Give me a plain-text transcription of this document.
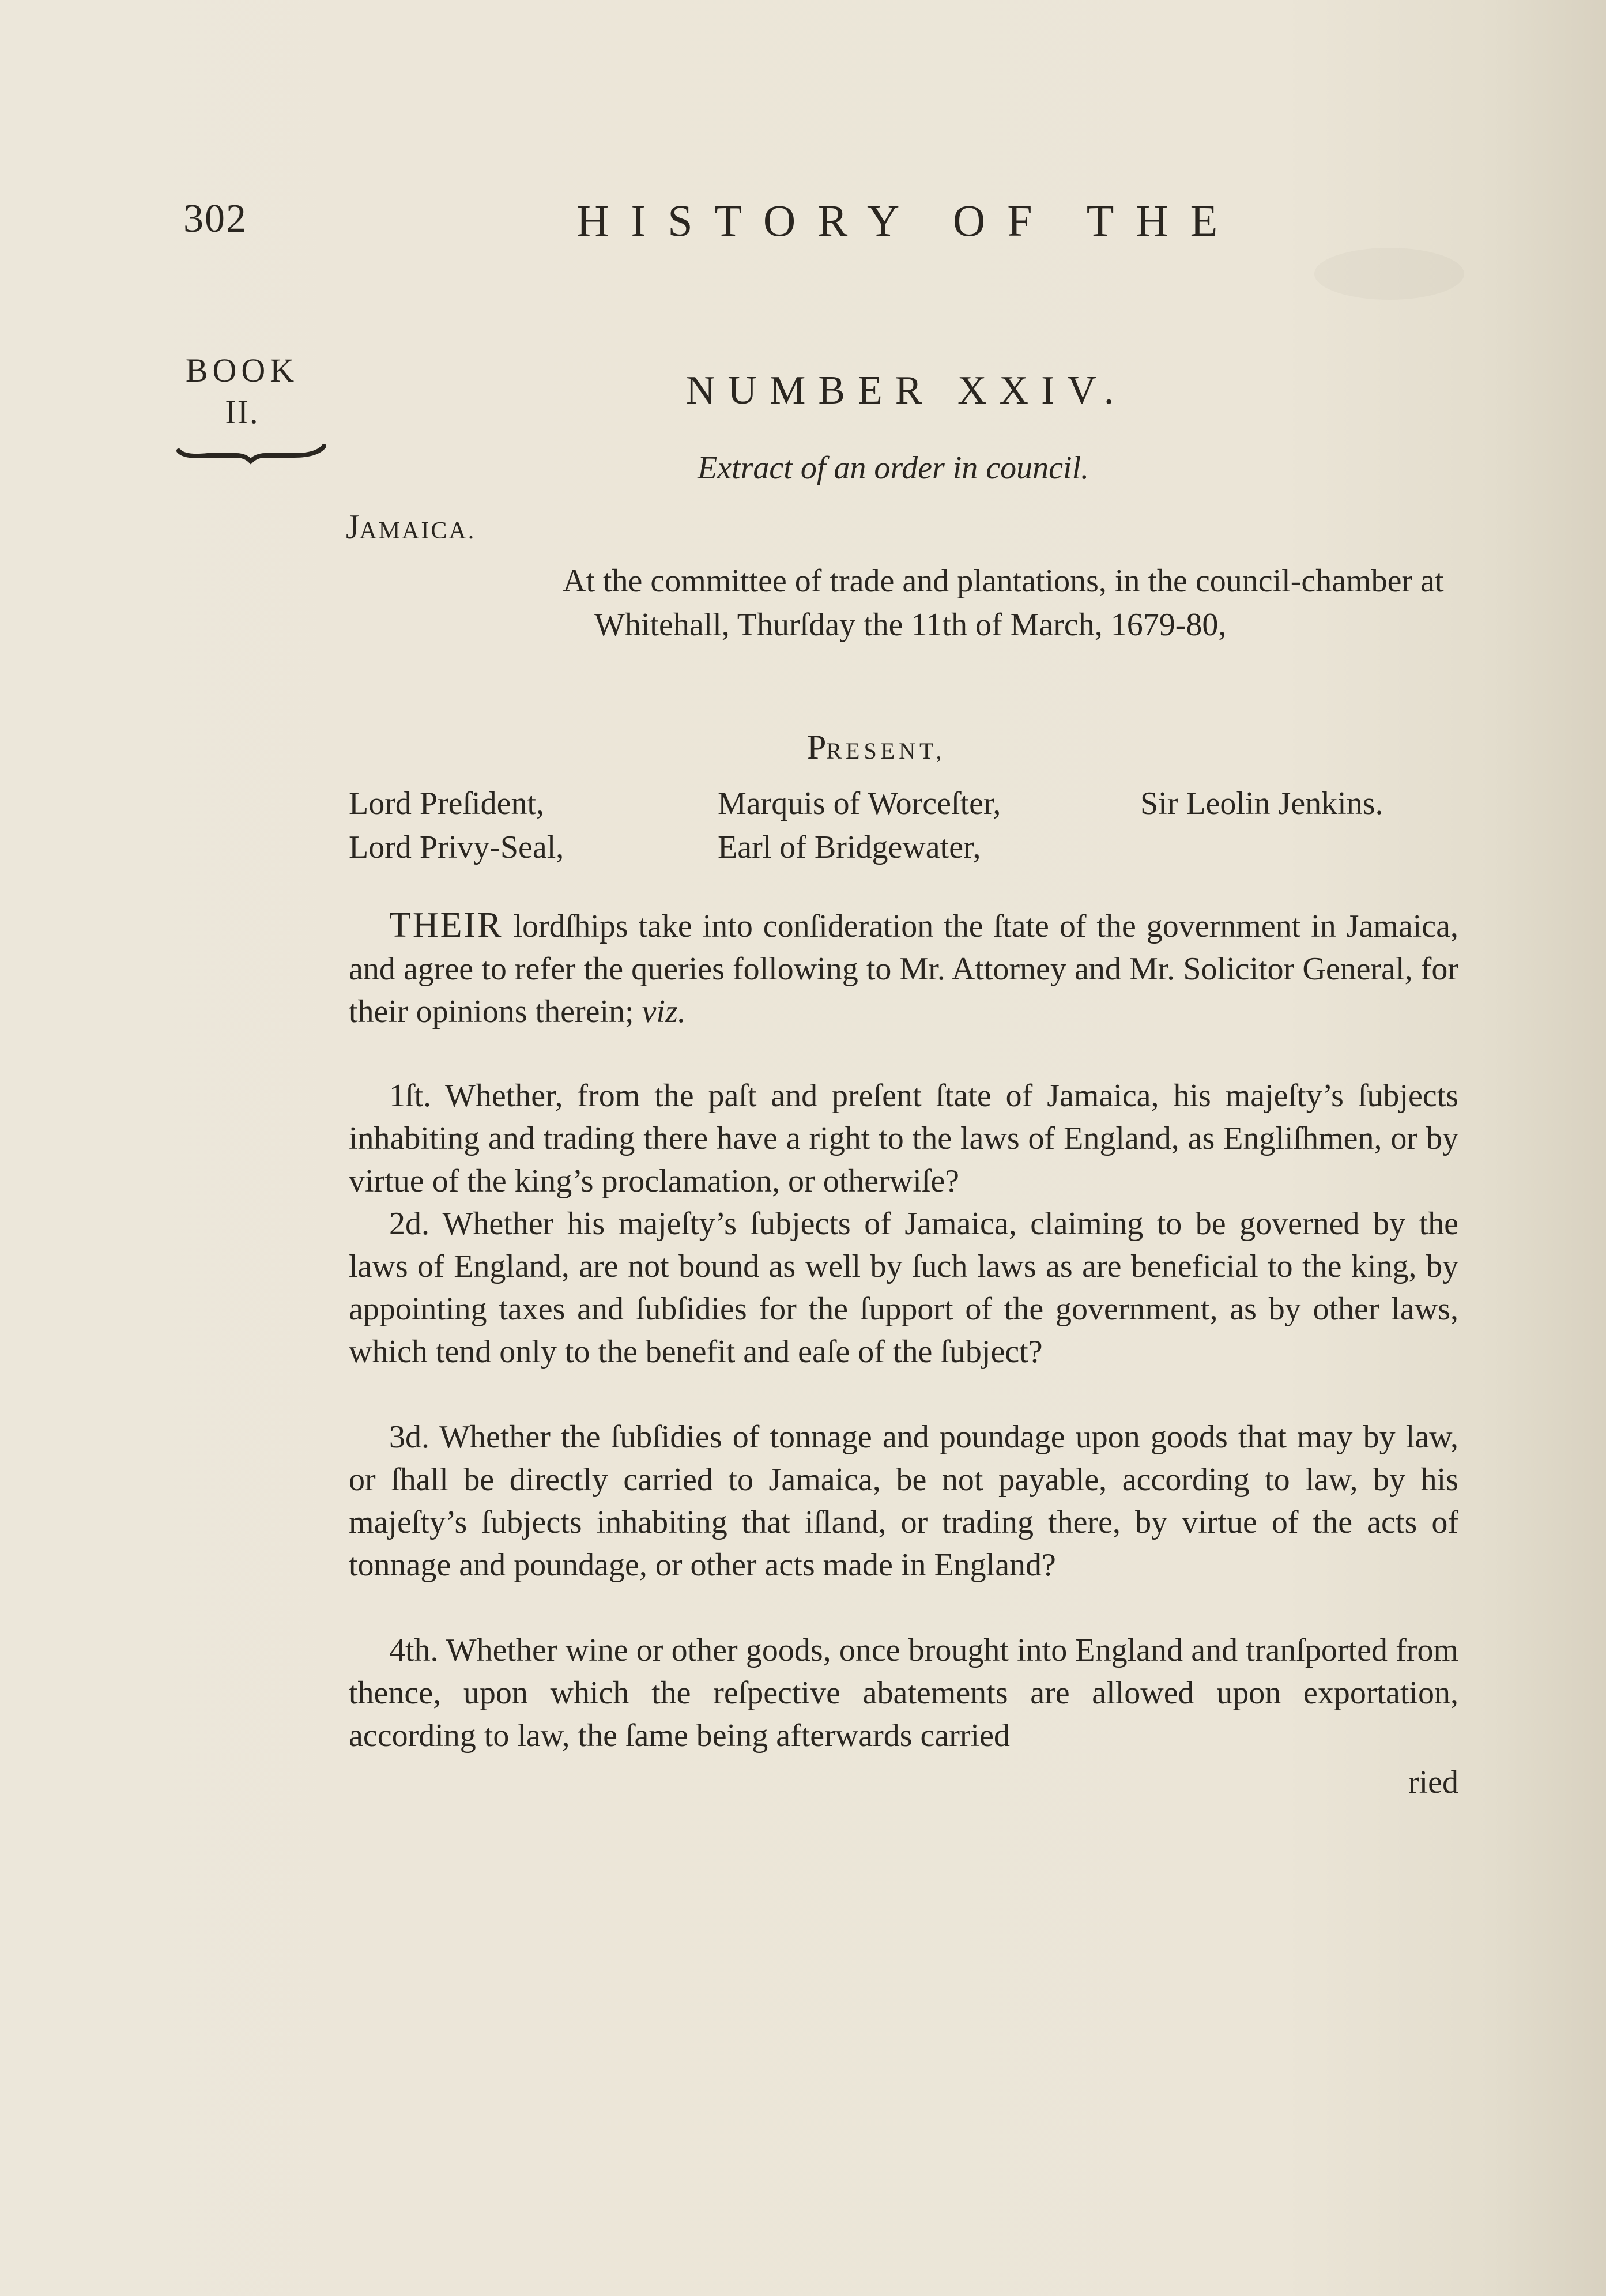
302	HISTORY OF THE
BOOK
II.	NUMBER XXIV.
Extract of an order in council.
JAMAICA.
At the committee of trade and plantations, in the council-chamber at Whitehall, Thurſday the 11th of March, 1679-80,
PRESENT,
Lord Preſident,
Lord Privy-Seal,
Marquis of Worceſter,
Earl of Bridgewater,
Sir Leolin Jenkins.
THEIR lordſhips take into conſideration the ſtate of the government in Jamaica, and agree to refer the queries following to Mr. Attorney and Mr. Solicitor General, for their opinions therein; viz.
1ſt. Whether, from the paſt and preſent ſtate of Jamaica, his majeſty’s ſubjects inhabiting and trading there have a right to the laws of England, as Engliſhmen, or by virtue of the king’s proclamation, or otherwiſe?
2d. Whether his majeſty’s ſubjects of Jamaica, claiming to be governed by the laws of England, are not bound as well by ſuch laws as are beneficial to the king, by appointing taxes and ſubſidies for the ſupport of the government, as by other laws, which tend only to the benefit and eaſe of the ſubject?
3d. Whether the ſubſidies of tonnage and poundage upon goods that may by law, or ſhall be directly carried to Jamaica, be not payable, according to law, by his majeſty’s ſubjects inhabiting that iſland, or trading there, by virtue of the acts of tonnage and poundage, or other acts made in England?
4th. Whether wine or other goods, once brought into England and tranſported from thence, upon which the reſpective abatements are allowed upon exportation, according to law, the ſame being afterwards carried
ried
